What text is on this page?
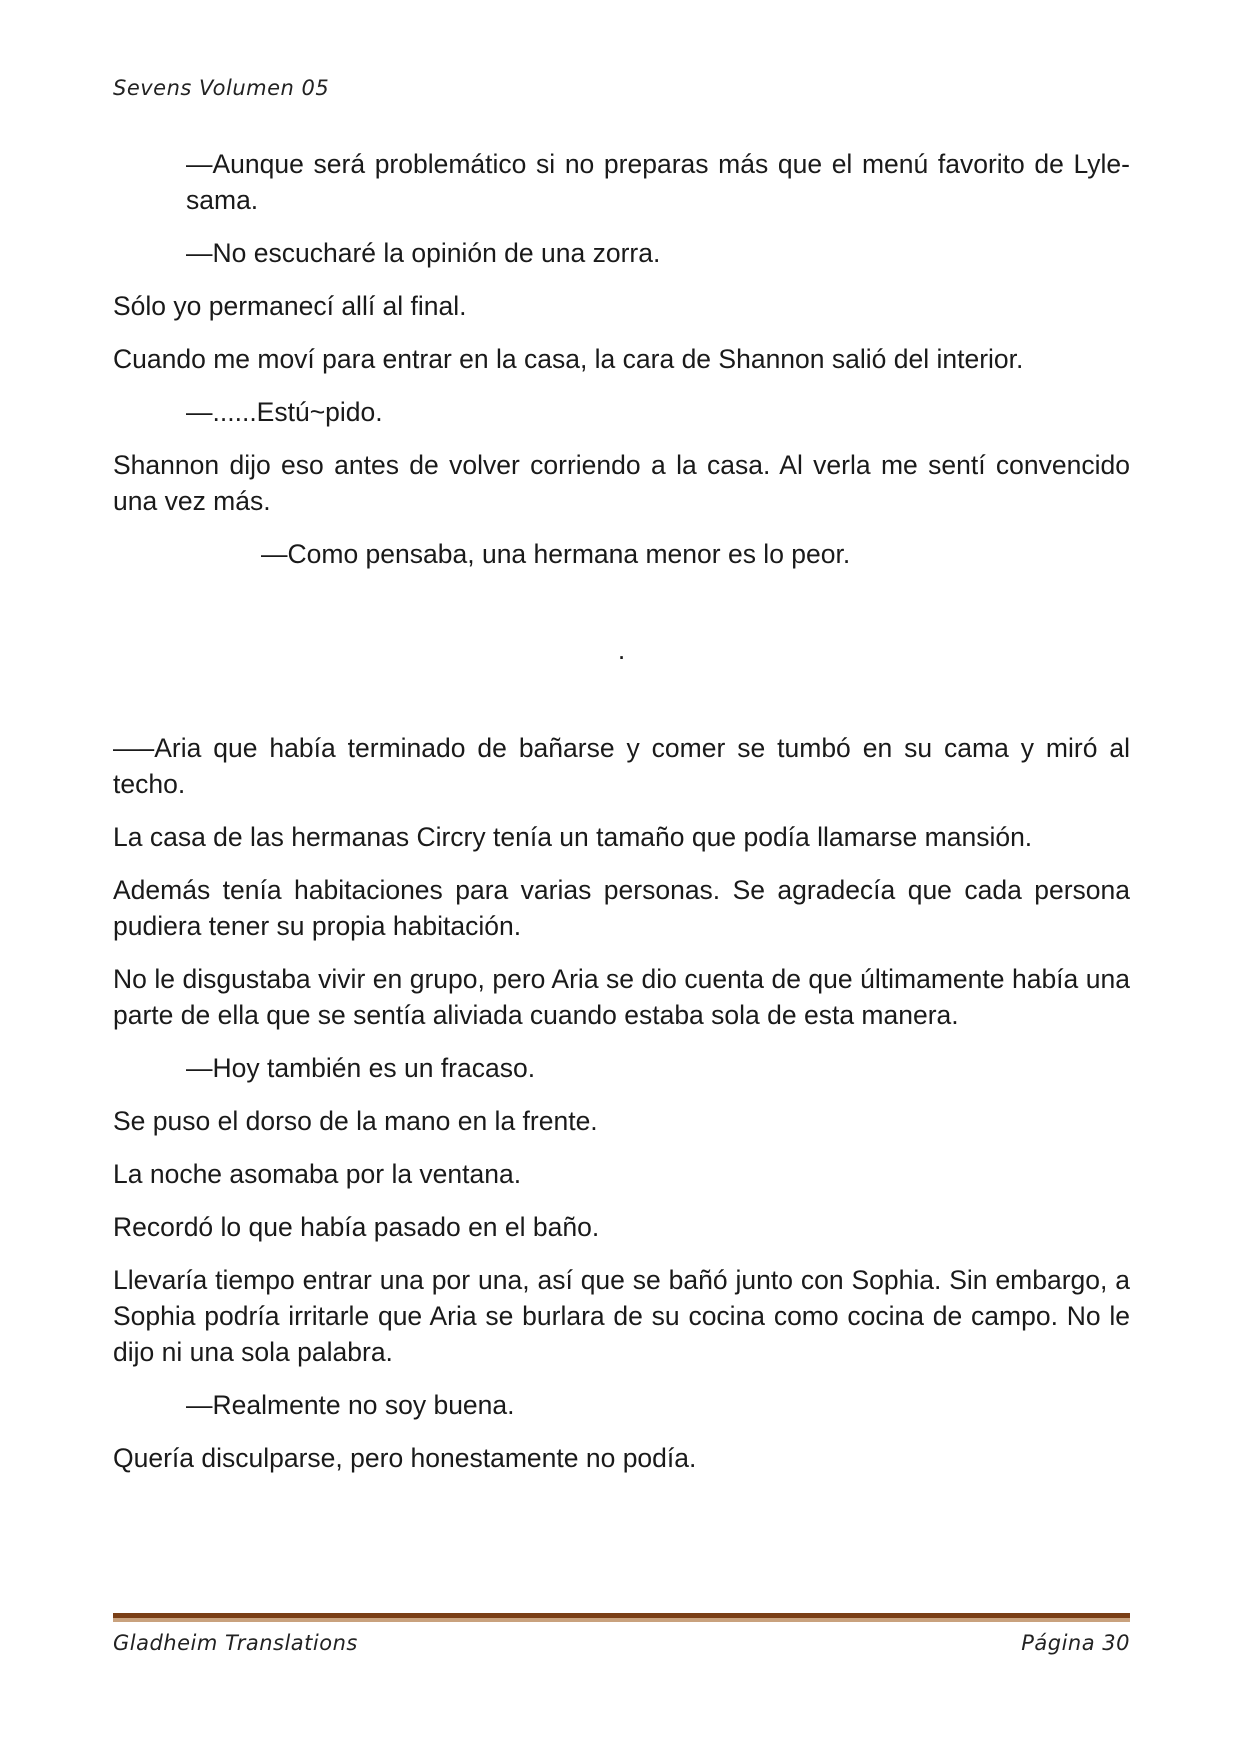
Sevens Volumen 05

—Aunque será problemático si no preparas más que el menú favorito de Lyle-sama.

—No escucharé la opinión de una zorra.

Sólo yo permanecí allí al final.

Cuando me moví para entrar en la casa, la cara de Shannon salió del interior.

—......Estú~pido.

Shannon dijo eso antes de volver corriendo a la casa. Al verla me sentí convencido una vez más.

—Como pensaba, una hermana menor es lo peor.

.

—–Aria que había terminado de bañarse y comer se tumbó en su cama y miró al techo.

La casa de las hermanas Circry tenía un tamaño que podía llamarse mansión.

Además tenía habitaciones para varias personas. Se agradecía que cada persona pudiera tener su propia habitación.

No le disgustaba vivir en grupo, pero Aria se dio cuenta de que últimamente había una parte de ella que se sentía aliviada cuando estaba sola de esta manera.

—Hoy también es un fracaso.

Se puso el dorso de la mano en la frente.

La noche asomaba por la ventana.

Recordó lo que había pasado en el baño.

Llevaría tiempo entrar una por una, así que se bañó junto con Sophia. Sin embargo, a Sophia podría irritarle que Aria se burlara de su cocina como cocina de campo. No le dijo ni una sola palabra.

—Realmente no soy buena.

Quería disculparse, pero honestamente no podía.

Gladheim Translations	Página 30
